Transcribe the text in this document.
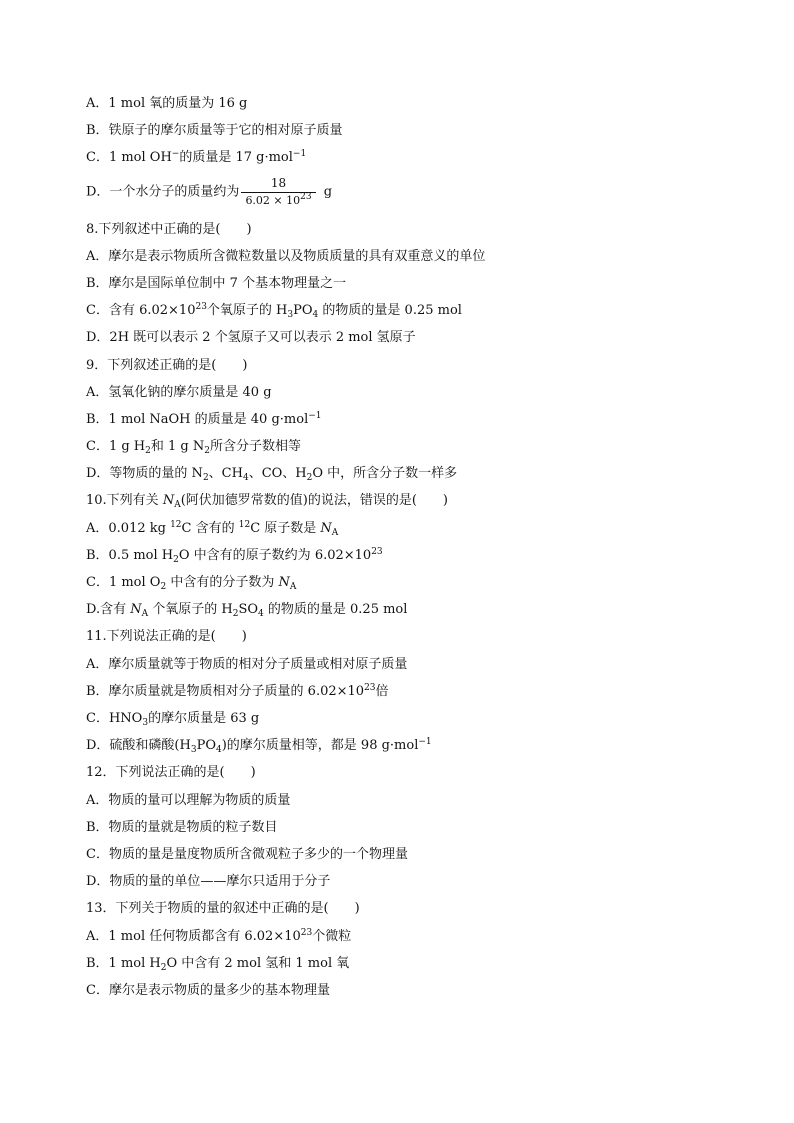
A．1 mol 氧的质量为 16 g
B．铁原子的摩尔质量等于它的相对原子质量
C．1 mol OH−的质量是 17 g·mol$^{-1}$
D．一个水分子的质量约为 $\frac{18}{6.02 \times 10^{23}}$ g
8.下列叙述中正确的是(　　)
A．摩尔是表示物质所含微粒数量以及物质质量的具有双重意义的单位
B．摩尔是国际单位制中 7 个基本物理量之一
C．含有 $6.02\times 10^{23}$个氧原子的 $H_3PO_4$ 的物质的量是 0.25 mol
D．2H 既可以表示 2 个氢原子又可以表示 2 mol 氢原子
9．下列叙述正确的是(　　)
A．氢氧化钠的摩尔质量是 40 g
B．1 mol NaOH 的质量是 40 g·mol$^{-1}$
C．1 g $H_2$和 1 g $N_2$所含分子数相等
D．等物质的量的 $N_2$、$CH_4$、CO、$H_2O$ 中，所含分子数一样多
10.下列有关 $N_A$(阿伏加德罗常数的值)的说法，错误的是(　　)
A．0.012 kg $^{12}$C 含有的 $^{12}$C 原子数是 $N_A$
B．0.5 mol $H_2O$ 中含有的原子数约为 $6.02\times 10^{23}$
C．1 mol $O_2$ 中含有的分子数为 $N_A$
D.含有 $N_A$ 个氧原子的 $H_2SO_4$ 的物质的量是 0.25 mol
11.下列说法正确的是(　　)
A．摩尔质量就等于物质的相对分子质量或相对原子质量
B．摩尔质量就是物质相对分子质量的 $6.02\times 10^{23}$倍
C．$HNO_3$的摩尔质量是 63 g
D．硫酸和磷酸$(H_3PO_4)$的摩尔质量相等，都是 98 g·mol$^{-1}$
12．下列说法正确的是(　　)
A．物质的量可以理解为物质的质量
B．物质的量就是物质的粒子数目
C．物质的量是量度物质所含微观粒子多少的一个物理量
D．物质的量的单位——摩尔只适用于分子
13．下列关于物质的量的叙述中正确的是(　　)
A．1 mol 任何物质都含有 $6.02\times 10^{23}$个微粒
B．1 mol $H_2O$ 中含有 2 mol 氢和 1 mol 氧
C．摩尔是表示物质的量多少的基本物理量
